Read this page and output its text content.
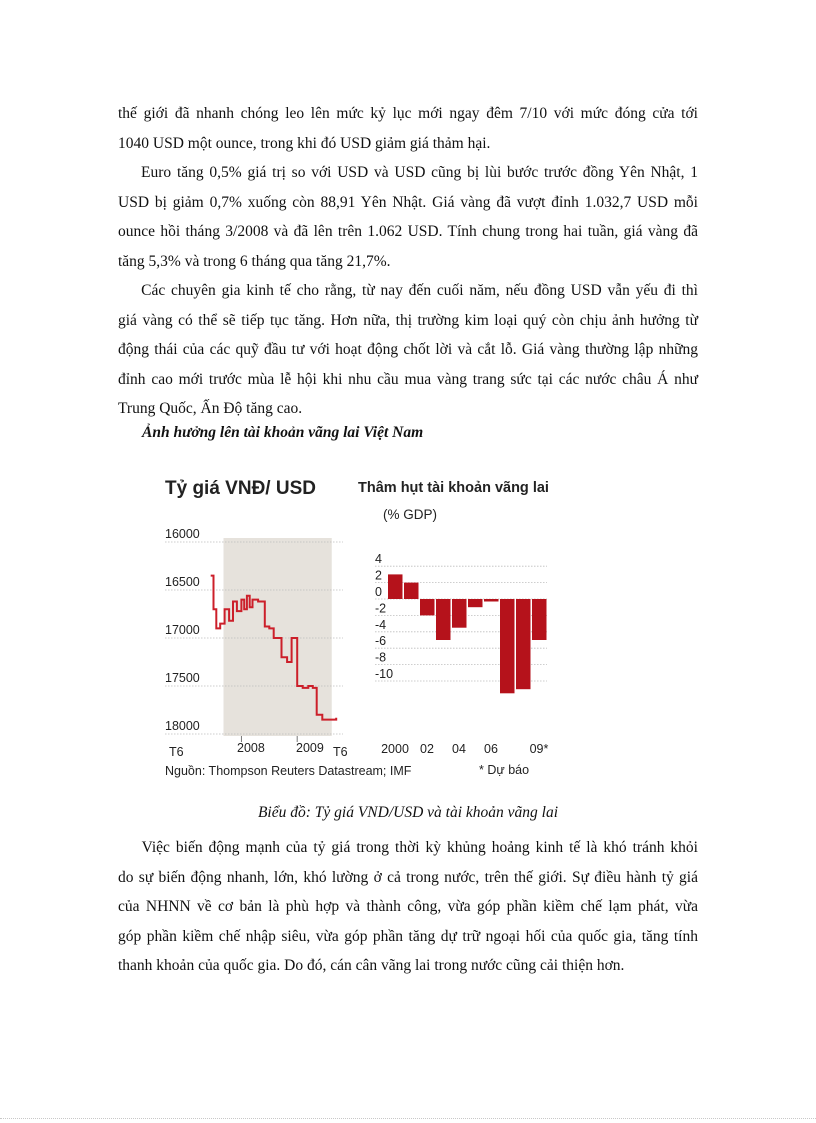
thế giới đã nhanh chóng leo lên mức kỷ lục mới ngay đêm 7/10 với mức đóng cửa tới
1040 USD một ounce, trong khi đó USD giảm giá thảm hại.
Euro tăng 0,5% giá trị so với USD và USD cũng bị lùi bước trước đồng Yên Nhật, 1
USD bị giảm 0,7% xuống còn 88,91 Yên Nhật. Giá vàng đã vượt đỉnh 1.032,7 USD mỗi
ounce hồi tháng 3/2008 và đã lên trên 1.062 USD. Tính chung trong hai tuần, giá vàng đã
tăng 5,3% và trong 6 tháng qua tăng 21,7%.
Các chuyên gia kinh tế cho rằng, từ nay đến cuối năm, nếu đồng USD vẫn yếu đi thì
giá vàng có thể sẽ tiếp tục tăng. Hơn nữa, thị trường kim loại quý còn chịu ảnh hưởng từ
động thái của các quỹ đầu tư với hoạt động chốt lời và cắt lỗ. Giá vàng thường lập những
đỉnh cao mới trước mùa lễ hội khi nhu cầu mua vàng trang sức tại các nước châu Á như
Trung Quốc, Ấn Độ tăng cao.
Ảnh hưởng lên tài khoản vãng lai Việt Nam
Tỷ giá VNĐ/ USD
16000
16500
17000
17500
18000
T6	2008 2009 T6
Thâm hụt tài khoản vãng lai
(% GDP)
4
2
0
-2
-4
-6
-8
-10
2000 02 04 06	09*
Nguồn: Thompson Reuters Datastream; IMF	* Dự báo
Biểu đồ: Tỷ giá VND/USD và tài khoản vãng lai
Việc biến động mạnh của tỷ giá trong thời kỳ khủng hoảng kinh tế là khó tránh khỏi
do sự biến động nhanh, lớn, khó lường ở cả trong nước, trên thế giới. Sự điều hành tỷ giá
của NHNN về cơ bản là phù hợp và thành công, vừa góp phần kiềm chế lạm phát, vừa
góp phần kiềm chế nhập siêu, vừa góp phần tăng dự trữ ngoại hối của quốc gia, tăng tính
thanh khoản của quốc gia. Do đó, cán cân vãng lai trong nước cũng cải thiện hơn.
